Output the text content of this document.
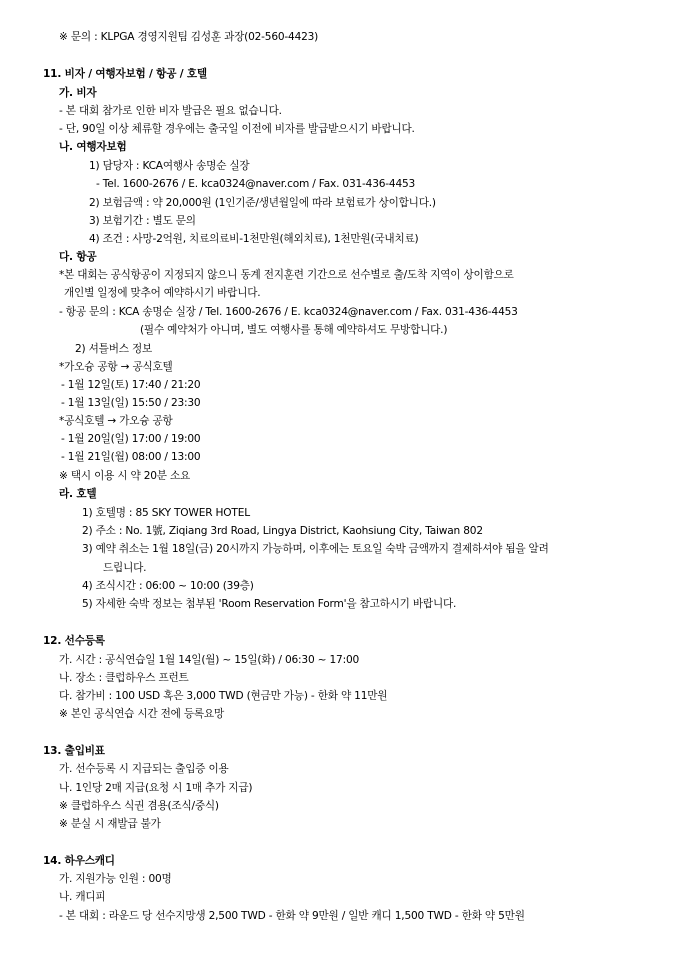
※ 문의 : KLPGA 경영지원팀 김성훈 과장(02-560-4423)
11. 비자 / 여행자보험 / 항공 / 호텔
가. 비자
- 본 대회 참가로 인한 비자 발급은 필요 없습니다.
- 단, 90일 이상 체류할 경우에는 출국일 이전에 비자를 발급받으시기 바랍니다.
나. 여행자보험
1) 담당자 : KCA여행사 송명순 실장
- Tel. 1600-2676 / E. kca0324@naver.com / Fax. 031-436-4453
2) 보험금액 : 약 20,000원 (1인기준/생년월일에 따라 보험료가 상이합니다.)
3) 보험기간 : 별도 문의
4) 조건 : 사망-2억원, 치료의료비-1천만원(해외치료), 1천만원(국내치료)
다. 항공
*본 대회는 공식항공이 지정되지 않으니 동계 전지훈련 기간으로 선수별로 출/도착 지역이 상이함으로
개인별 일정에 맞추어 예약하시기 바랍니다.
- 항공 문의 : KCA 송명순 실장 / Tel. 1600-2676 / E. kca0324@naver.com / Fax. 031-436-4453
(필수 예약처가 아니며, 별도 여행사를 통해 예약하셔도 무방합니다.)
2) 셔틀버스 정보
*가오슝 공항 → 공식호텔
- 1월 12일(토) 17:40 / 21:20
- 1월 13일(일) 15:50 / 23:30
*공식호텔 → 가오슝 공항
- 1월 20일(일) 17:00 / 19:00
- 1월 21일(월) 08:00 / 13:00
※ 택시 이용 시 약 20분 소요
라. 호텔
1) 호텔명 : 85 SKY TOWER HOTEL
2) 주소 : No. 1號, Ziqiang 3rd Road, Lingya District, Kaohsiung City, Taiwan 802
3) 예약 취소는 1월 18일(금) 20시까지 가능하며, 이후에는 토요일 숙박 금액까지 결제하셔야 됨을 알려
드립니다.
4) 조식시간 : 06:00 ~ 10:00 (39층)
5) 자세한 숙박 정보는 첨부된 'Room Reservation Form'을 참고하시기 바랍니다.
12. 선수등록
가. 시간 : 공식연습일 1월 14일(월) ~ 15일(화) / 06:30 ~ 17:00
나. 장소 : 클럽하우스 프런트
다. 참가비 : 100 USD 혹은 3,000 TWD (현금만 가능) - 한화 약 11만원
※ 본인 공식연습 시간 전에 등록요망
13. 출입비표
가. 선수등록 시 지급되는 출입증 이용
나. 1인당 2매 지급(요청 시 1매 추가 지급)
※ 클럽하우스 식권 겸용(조식/중식)
※ 분실 시 재발급 불가
14. 하우스캐디
가. 지원가능 인원 : 00명
나. 캐디피
- 본 대회 : 라운드 당 선수지망생 2,500 TWD - 한화 약 9만원 / 일반 캐디 1,500 TWD - 한화 약 5만원
